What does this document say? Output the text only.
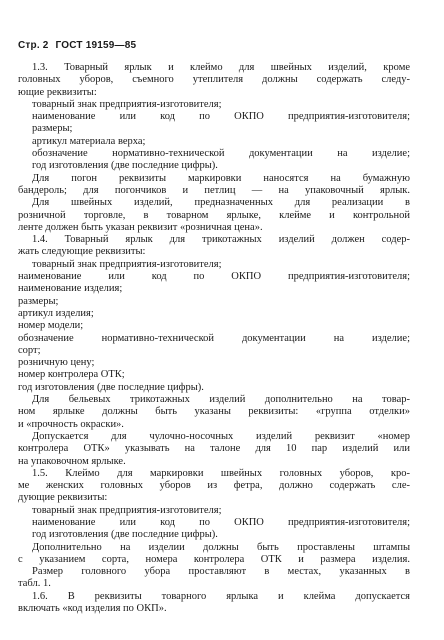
Стр. 2 ГОСТ 19159—85

1.3. Товарный ярлык и клеймо для швейных изделий, кроме

головных уборов, съемного утеплителя должны содержать следу-

ющие реквизиты:

товарный знак предприятия-изготовителя;

наименование или код по ОКПО предприятия-изготовителя;

размеры;

артикул материала верха;

обозначение нормативно-технической документации на изделие;

год изготовления (две последние цифры).

Для погон реквизиты маркировки наносятся на бумажную

бандероль; для погончиков и петлиц — на упаковочный ярлык.

Для швейных изделий, предназначенных для реализации в

розничной торговле, в товарном ярлыке, клейме и контрольной

ленте должен быть указан реквизит «розничная цена».

1.4. Товарный ярлык для трикотажных изделий должен содер-

жать следующие реквизиты:

товарный знак предприятия-изготовителя;

наименование или код по ОКПО предприятия-изготовителя;

наименование изделия;

размеры;

артикул изделия;

номер модели;

обозначение нормативно-технической документации на изделие;

сорт;

розничную цену;

номер контролера ОТК;

год изготовления (две последние цифры).

Для бельевых трикотажных изделий дополнительно на товар-

ном ярлыке должны быть указаны реквизиты: «группа отделки»

и «прочность окраски».

Допускается для чулочно-носочных изделий реквизит «номер

контролера ОТК» указывать на талоне для 10 пар изделий или

на упаковочном ярлыке.

1.5. Клеймо для маркировки швейных головных уборов, кро-

ме женских головных уборов из фетра, должно содержать сле-

дующие реквизиты:

товарный знак предприятия-изготовителя;

наименование или код по ОКПО предприятия-изготовителя;

год изготовления (две последние цифры).

Дополнительно на изделии должны быть проставлены штампы

с указанием сорта, номера контролера ОТК и размера изделия.

Размер головного убора проставляют в местах, указанных в

табл. 1.

1.6. В реквизиты товарного ярлыка и клейма допускается

включать «код изделия по ОКП».
